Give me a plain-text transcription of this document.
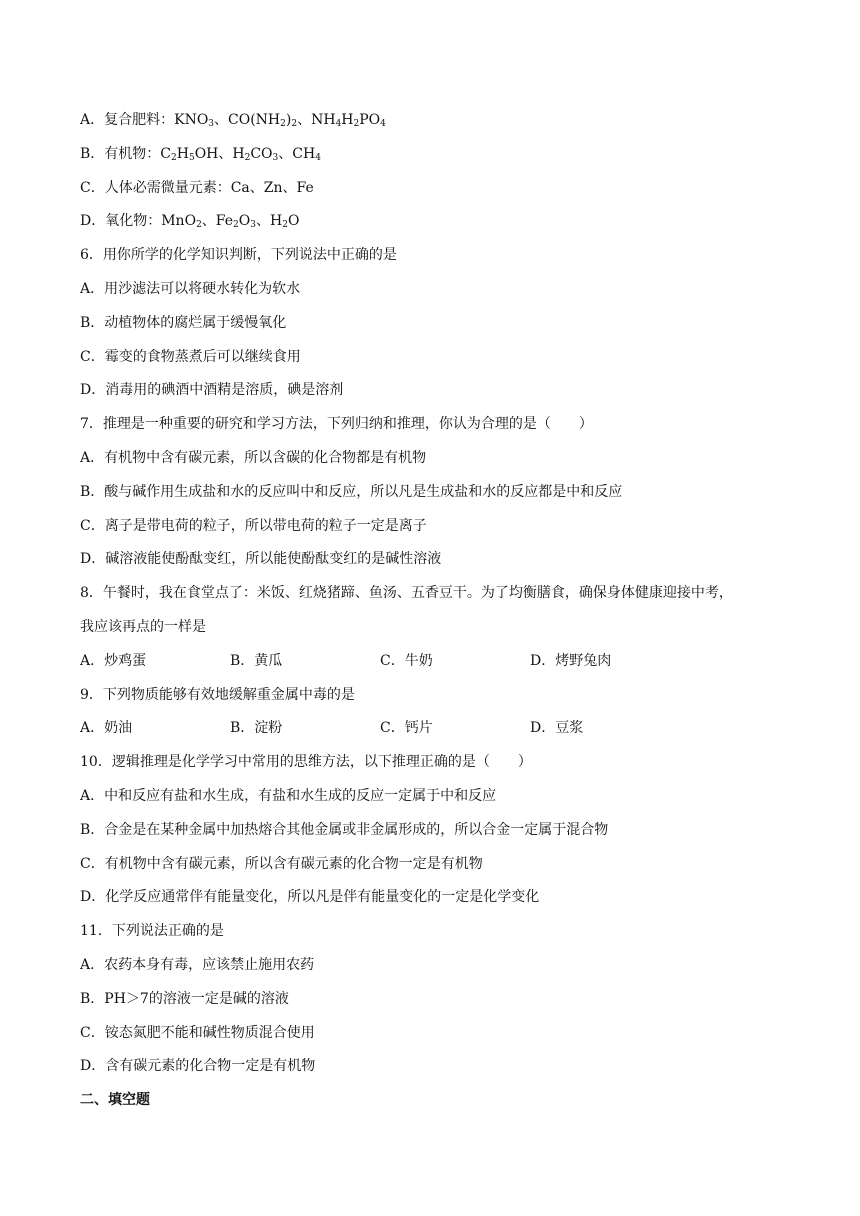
A．复合肥料：$KNO_3$、$CO(NH_2)_2$、$NH_4H_2PO_4$
B．有机物：$C_2H_5OH$、$H_2CO_3$、$CH_4$
C．人体必需微量元素：Ca、Zn、Fe
D．氧化物：MnO$_2$、$Fe_2O_3$、$H_2O$
6．用你所学的化学知识判断，下列说法中正确的是
A．用沙滤法可以将硬水转化为软水
B．动植物体的腐烂属于缓慢氧化
C．霉变的食物蒸煮后可以继续食用
D．消毒用的碘酒中酒精是溶质，碘是溶剂
7．推理是一种重要的研究和学习方法，下列归纳和推理，你认为合理的是（　　）
A．有机物中含有碳元素，所以含碳的化合物都是有机物
B．酸与碱作用生成盐和水的反应叫中和反应，所以凡是生成盐和水的反应都是中和反应
C．离子是带电荷的粒子，所以带电荷的粒子一定是离子
D．碱溶液能使酚酞变红，所以能使酚酞变红的是碱性溶液
8．午餐时，我在食堂点了：米饭、红烧猪蹄、鱼汤、五香豆干。为了均衡膳食，确保身体健康迎接中考，
我应该再点的一样是
A．炒鸡蛋	B．黄瓜	C．牛奶	D．烤野兔肉
9．下列物质能够有效地缓解重金属中毒的是
A．奶油	B．淀粉	C．钙片	D．豆浆
10．逻辑推理是化学学习中常用的思维方法，以下推理正确的是（　　）
A．中和反应有盐和水生成，有盐和水生成的反应一定属于中和反应
B．合金是在某种金属中加热熔合其他金属或非金属形成的，所以合金一定属于混合物
C．有机物中含有碳元素，所以含有碳元素的化合物一定是有机物
D．化学反应通常伴有能量变化，所以凡是伴有能量变化的一定是化学变化
11．下列说法正确的是
A．农药本身有毒，应该禁止施用农药
B．PH＞7的溶液一定是碱的溶液
C．铵态氮肥不能和碱性物质混合使用
D．含有碳元素的化合物一定是有机物
二、填空题
